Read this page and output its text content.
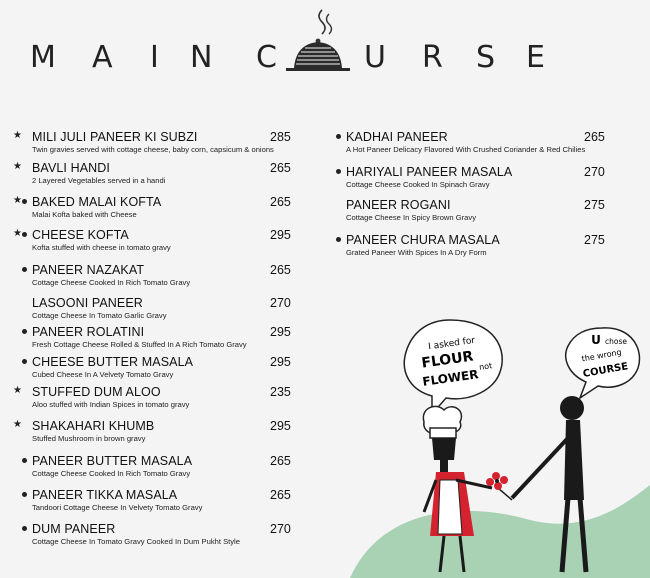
M A I N C	U R S E
★ MILI JULI PANEER KI SUBZI	285
Twin gravies served with cottage cheese, baby corn, capsicum & onions
★ BAVLI HANDI	265
2 Layered Vegetables served in a handi
★ BAKED MALAI KOFTA	265
Malai Kofta baked with Cheese
★ CHEESE KOFTA	295
Kofta stuffed with cheese in tomato gravy
PANEER NAZAKAT	265
Cottage Cheese Cooked In Rich Tomato Gravy
LASOONI PANEER	270
Cottage Cheese In Tomato Garlic Gravy
PANEER ROLATINI	295
Fresh Cottage Cheese Rolled & Stuffed In A Rich Tomato Gravy
CHEESE BUTTER MASALA	295
Cubed Cheese In A Velvety Tomato Gravy
★ STUFFED DUM ALOO	235
Aloo stuffed with Indian Spices in tomato gravy
★ SHAKAHARI KHUMB	295
Stuffed Mushroom in brown gravy
PANEER BUTTER MASALA	265
Cottage Cheese Cooked In Rich Tomato Gravy
PANEER TIKKA MASALA	265
Tandoori Cottage Cheese In Velvety Tomato Gravy
DUM PANEER	270
Cottage Cheese In Tomato Gravy Cooked In Dum Pukht Style
KADHAI PANEER	265
A Hot Paneer Delicacy Flavored With Crushed Coriander & Red Chilies
HARIYALI PANEER MASALA	270
Cottage Cheese Cooked In Spinach Gravy
PANEER ROGANI	275
Cottage Cheese In Spicy Brown Gravy
PANEER CHURA MASALA	275
Grated Paneer With Spices In A Dry Form
I asked for
FLOUR not
FLOWER
U chose
the wrong
COURSE
